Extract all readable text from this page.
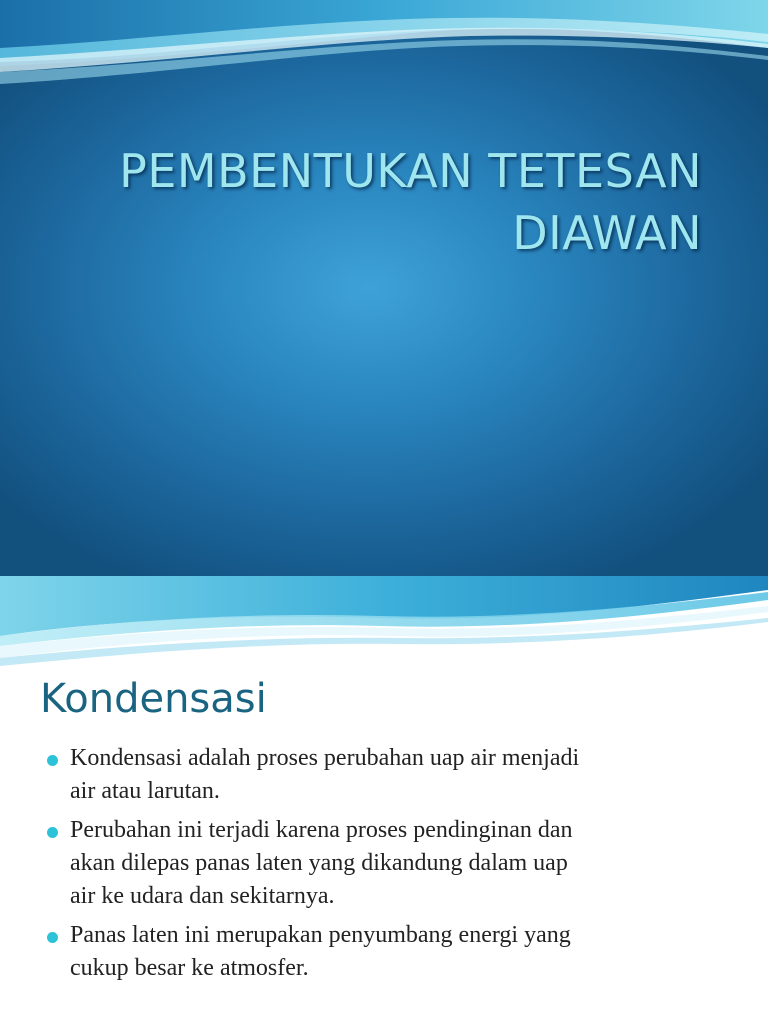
PEMBENTUKAN TETESAN
DIAWAN
Kondensasi
Kondensasi adalah proses perubahan uap air menjadi
air atau larutan.
Perubahan ini terjadi karena proses pendinginan dan
akan dilepas panas laten yang dikandung dalam uap
air ke udara dan sekitarnya.
Panas laten ini merupakan penyumbang energi yang
cukup besar ke atmosfer.
